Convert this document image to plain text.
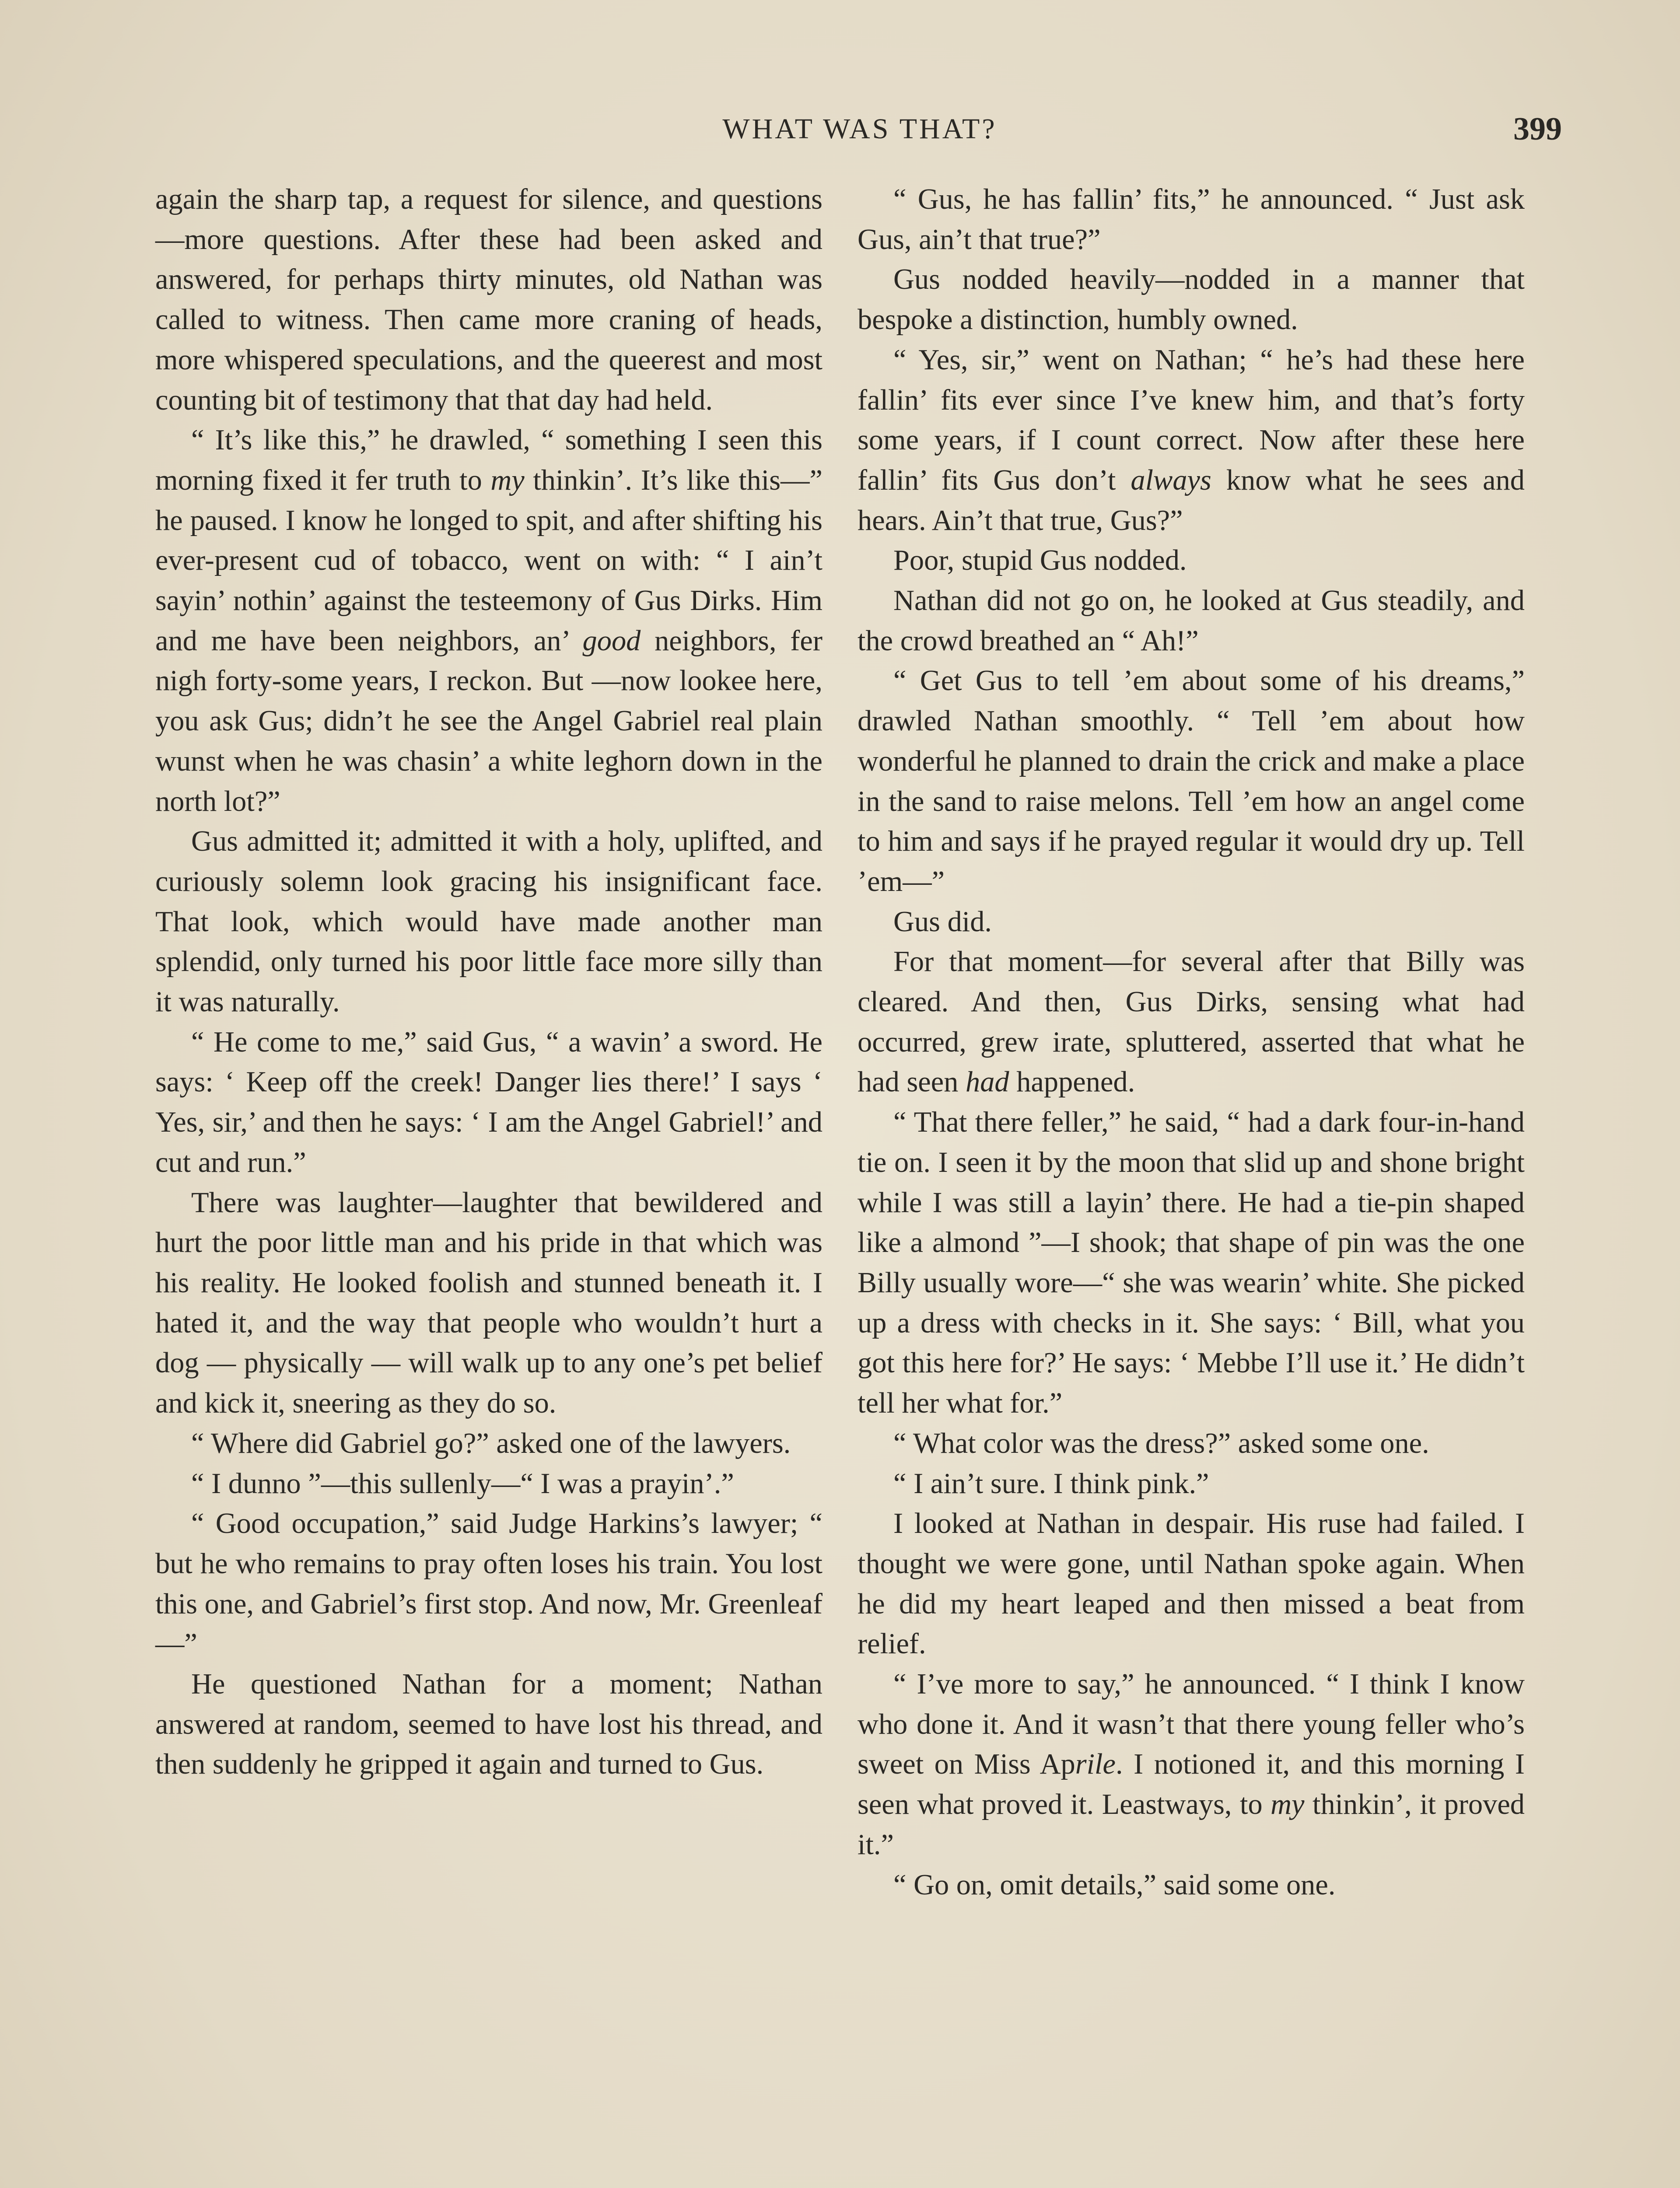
WHAT WAS THAT?	399

again the sharp tap, a request for silence, and questions—more questions. After these had been asked and answered, for perhaps thirty minutes, old Nathan was called to witness. Then came more craning of heads, more whispered speculations, and the queerest and most counting bit of testimony that that day had held.

“ It’s like this,” he drawled, “ something I seen this morning fixed it fer truth to my thinkin’. It’s like this—” he paused. I know he longed to spit, and after shifting his ever-present cud of tobacco, went on with: “ I ain’t sayin’ nothin’ against the testeemony of Gus Dirks. Him and me have been neighbors, an’ good neighbors, fer nigh forty-some years, I reckon. But —now lookee here, you ask Gus; didn’t he see the Angel Gabriel real plain wunst when he was chasin’ a white leghorn down in the north lot?”

Gus admitted it; admitted it with a holy, uplifted, and curiously solemn look gracing his insignificant face. That look, which would have made another man splendid, only turned his poor little face more silly than it was naturally.

“ He come to me,” said Gus, “ a wavin’ a sword. He says: ‘ Keep off the creek! Danger lies there!’ I says ‘ Yes, sir,’ and then he says: ‘ I am the Angel Gabriel!’ and cut and run.”

There was laughter—laughter that bewildered and hurt the poor little man and his pride in that which was his reality. He looked foolish and stunned beneath it. I hated it, and the way that people who wouldn’t hurt a dog — physically — will walk up to any one’s pet belief and kick it, sneering as they do so.

“ Where did Gabriel go?” asked one of the lawyers.

“ I dunno ”—this sullenly—“ I was a prayin’.”

“ Good occupation,” said Judge Harkins’s lawyer; “ but he who remains to pray often loses his train. You lost this one, and Gabriel’s first stop. And now, Mr. Greenleaf—”

He questioned Nathan for a moment; Nathan answered at random, seemed to have lost his thread, and then suddenly he gripped it again and turned to Gus.

“ Gus, he has fallin’ fits,” he announced. “ Just ask Gus, ain’t that true?”

Gus nodded heavily—nodded in a manner that bespoke a distinction, humbly owned.

“ Yes, sir,” went on Nathan; “ he’s had these here fallin’ fits ever since I’ve knew him, and that’s forty some years, if I count correct. Now after these here fallin’ fits Gus don’t always know what he sees and hears. Ain’t that true, Gus?”

Poor, stupid Gus nodded.

Nathan did not go on, he looked at Gus steadily, and the crowd breathed an “ Ah!”

“ Get Gus to tell ’em about some of his dreams,” drawled Nathan smoothly. “ Tell ’em about how wonderful he planned to drain the crick and make a place in the sand to raise melons. Tell ’em how an angel come to him and says if he prayed regular it would dry up. Tell ’em—”

Gus did.

For that moment—for several after that Billy was cleared. And then, Gus Dirks, sensing what had occurred, grew irate, spluttered, asserted that what he had seen had happened.

“ That there feller,” he said, “ had a dark four-in-hand tie on. I seen it by the moon that slid up and shone bright while I was still a layin’ there. He had a tie-pin shaped like a almond ”—I shook; that shape of pin was the one Billy usually wore—“ she was wearin’ white. She picked up a dress with checks in it. She says: ‘ Bill, what you got this here for?’ He says: ‘ Mebbe I’ll use it.’ He didn’t tell her what for.”

“ What color was the dress?” asked some one.

“ I ain’t sure. I think pink.”

I looked at Nathan in despair. His ruse had failed. I thought we were gone, until Nathan spoke again. When he did my heart leaped and then missed a beat from relief.

“ I’ve more to say,” he announced. “ I think I know who done it. And it wasn’t that there young feller who’s sweet on Miss Aprile. I notioned it, and this morning I seen what proved it. Leastways, to my thinkin’, it proved it.”

“ Go on, omit details,” said some one.
